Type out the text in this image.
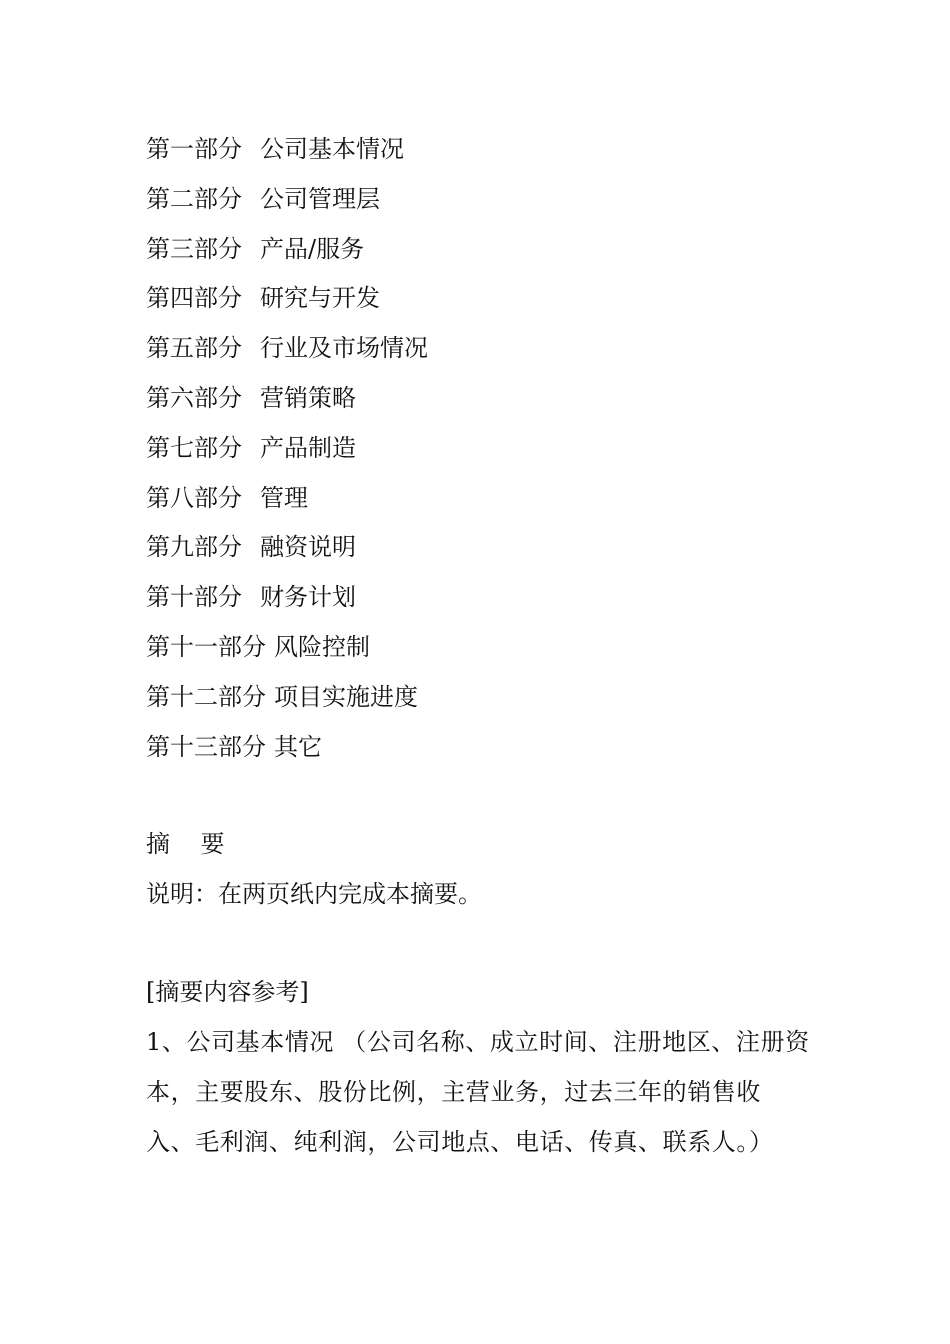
第一部分 公司基本情况
第二部分 公司管理层
第三部分 产品/服务
第四部分 研究与开发
第五部分 行业及市场情况
第六部分 营销策略
第七部分 产品制造
第八部分 管理
第九部分 融资说明
第十部分 财务计划
第十一部分 风险控制
第十二部分 项目实施进度
第十三部分 其它
摘    要
说明：在两页纸内完成本摘要。
[摘要内容参考]

1、公司基本情况 （公司名称、成立时间、注册地区、注册资本，主要股东、股份比例，主营业务，过去三年的销售收入、毛利润、纯利润，公司地点、电话、传真、联系人。）
